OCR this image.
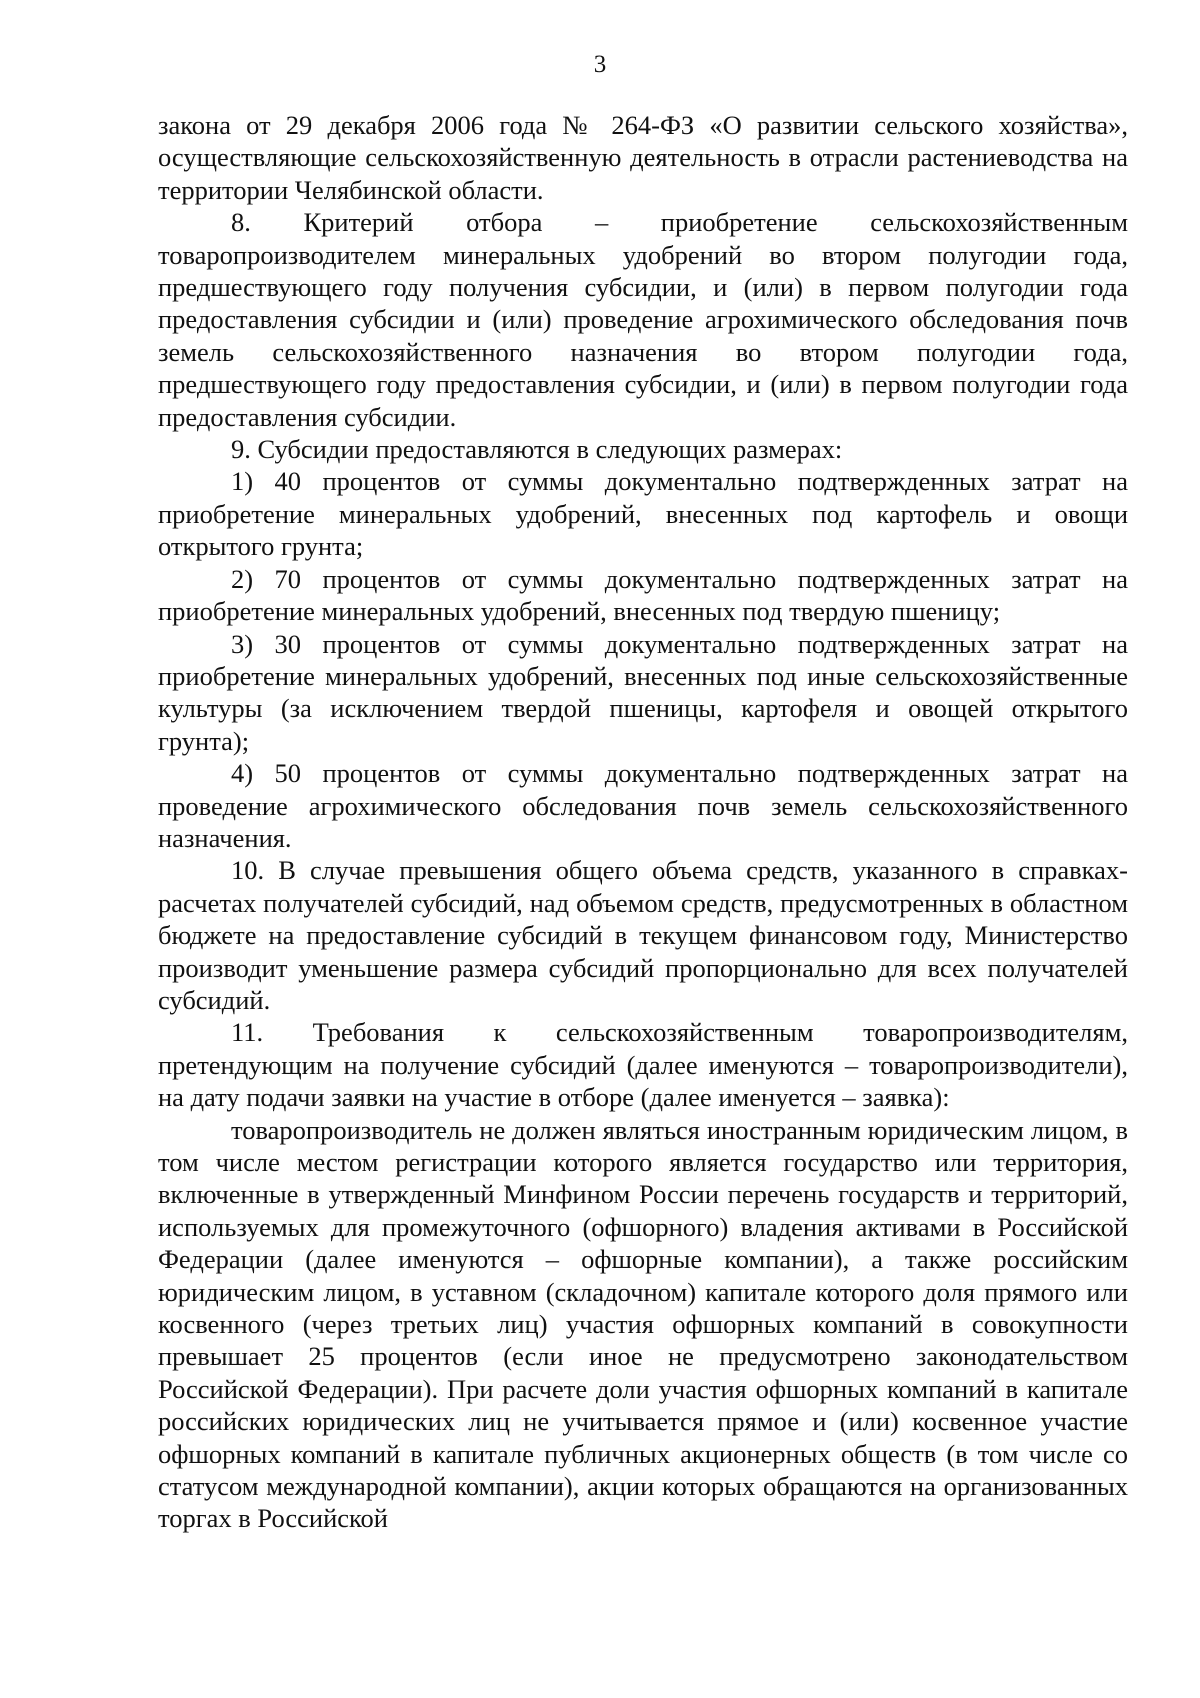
3

закона от 29 декабря 2006 года № 264-ФЗ «О развитии сельского хозяйства», осуществляющие сельскохозяйственную деятельность в отрасли растениеводства на территории Челябинской области.

8. Критерий отбора – приобретение сельскохозяйственным товаропроизводителем минеральных удобрений во втором полугодии года, предшествующего году получения субсидии, и (или) в первом полугодии года предоставления субсидии и (или) проведение агрохимического обследования почв земель сельскохозяйственного назначения во втором полугодии года, предшествующего году предоставления субсидии, и (или) в первом полугодии года предоставления субсидии.

9. Субсидии предоставляются в следующих размерах:

1) 40 процентов от суммы документально подтвержденных затрат на приобретение минеральных удобрений, внесенных под картофель и овощи открытого грунта;

2) 70 процентов от суммы документально подтвержденных затрат на приобретение минеральных удобрений, внесенных под твердую пшеницу;

3) 30 процентов от суммы документально подтвержденных затрат на приобретение минеральных удобрений, внесенных под иные сельскохозяйственные культуры (за исключением твердой пшеницы, картофеля и овощей открытого грунта);

4) 50 процентов от суммы документально подтвержденных затрат на проведение агрохимического обследования почв земель сельскохозяйственного назначения.

10. В случае превышения общего объема средств, указанного в справках-расчетах получателей субсидий, над объемом средств, предусмотренных в областном бюджете на предоставление субсидий в текущем финансовом году, Министерство производит уменьшение размера субсидий пропорционально для всех получателей субсидий.

11. Требования к сельскохозяйственным товаропроизводителям, претендующим на получение субсидий (далее именуются – товаропроизводители), на дату подачи заявки на участие в отборе (далее именуется – заявка):

товаропроизводитель не должен являться иностранным юридическим лицом, в том числе местом регистрации которого является государство или территория, включенные в утвержденный Минфином России перечень государств и территорий, используемых для промежуточного (офшорного) владения активами в Российской Федерации (далее именуются – офшорные компании), а также российским юридическим лицом, в уставном (складочном) капитале которого доля прямого или косвенного (через третьих лиц) участия офшорных компаний в совокупности превышает 25 процентов (если иное не предусмотрено законодательством Российской Федерации). При расчете доли участия офшорных компаний в капитале российских юридических лиц не учитывается прямое и (или) косвенное участие офшорных компаний в капитале публичных акционерных обществ (в том числе со статусом международной компании), акции которых обращаются на организованных торгах в Российской
